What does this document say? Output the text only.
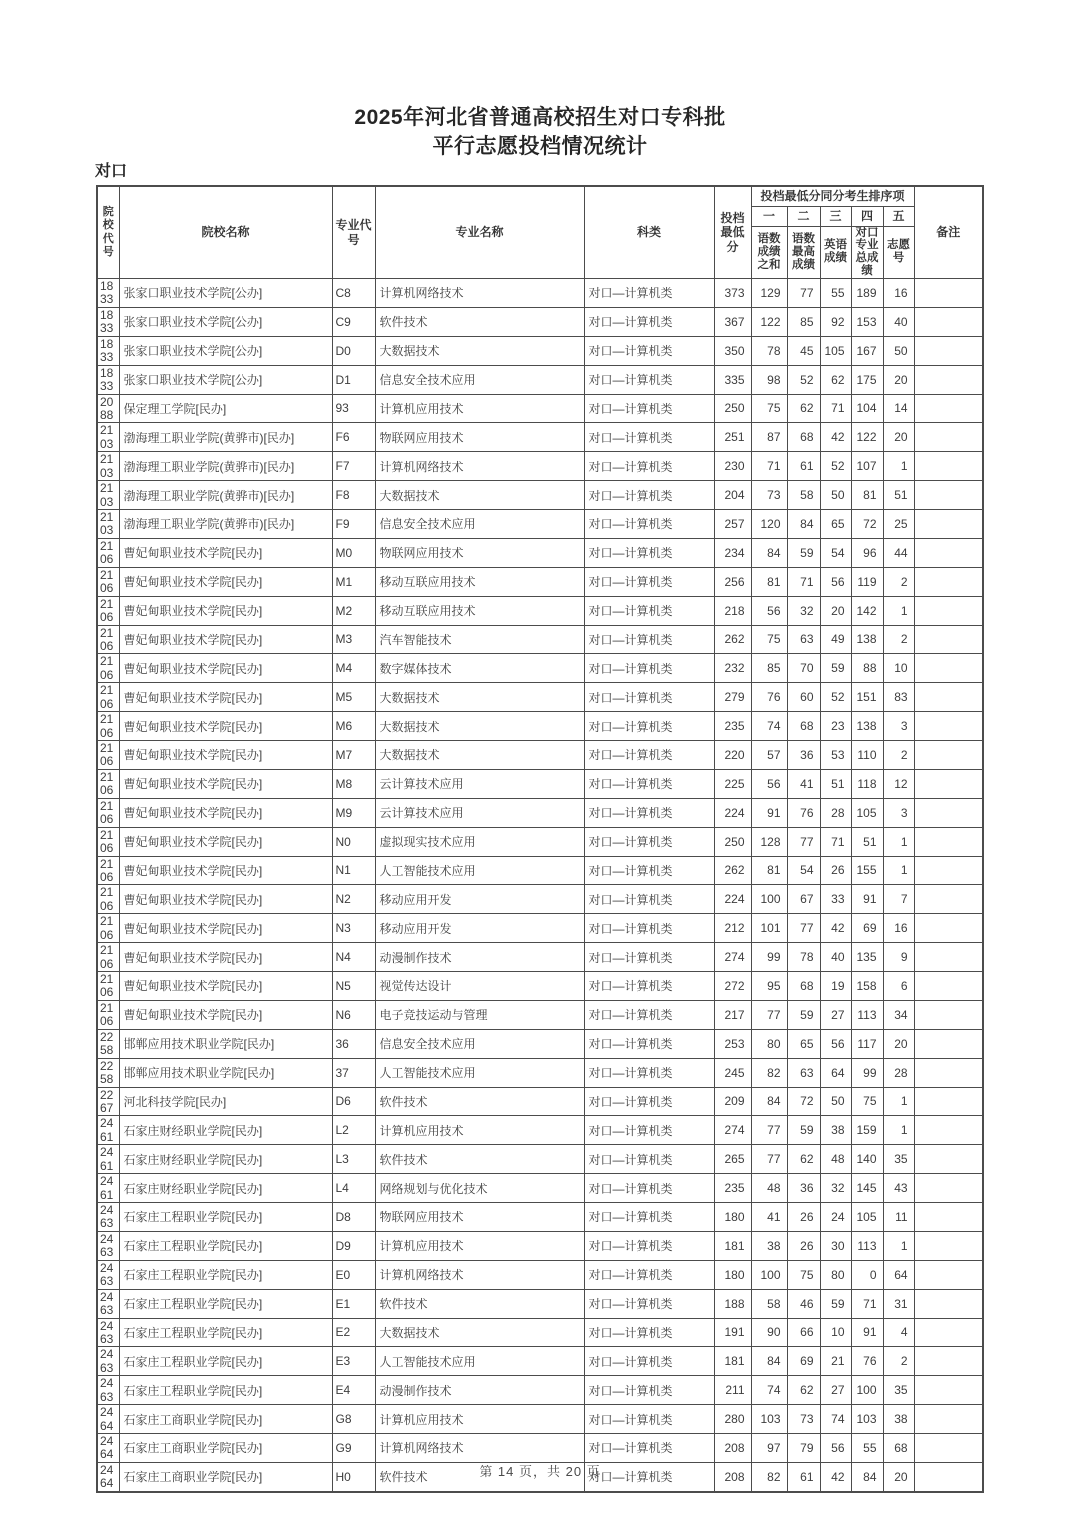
2025年河北省普通高校招生对口专科批
平行志愿投档情况统计
对口
院校代号	院校名称	专业代号	专业名称	科类	投档最低分	投档最低分同分考生排序项					备注
						一	二	三	四	五	
						语数成绩之和	语数最高成绩	英语成绩	对口专业总成绩	志愿号	
1833	张家口职业技术学院[公办]	C8	计算机网络技术	对口—计算机类	373	129	77	55	189	16	
1833	张家口职业技术学院[公办]	C9	软件技术	对口—计算机类	367	122	85	92	153	40	
1833	张家口职业技术学院[公办]	D0	大数据技术	对口—计算机类	350	78	45	105	167	50	
1833	张家口职业技术学院[公办]	D1	信息安全技术应用	对口—计算机类	335	98	52	62	175	20	
2088	保定理工学院[民办]	93	计算机应用技术	对口—计算机类	250	75	62	71	104	14	
2103	渤海理工职业学院(黄骅市)[民办]	F6	物联网应用技术	对口—计算机类	251	87	68	42	122	20	
2103	渤海理工职业学院(黄骅市)[民办]	F7	计算机网络技术	对口—计算机类	230	71	61	52	107	1	
2103	渤海理工职业学院(黄骅市)[民办]	F8	大数据技术	对口—计算机类	204	73	58	50	81	51	
2103	渤海理工职业学院(黄骅市)[民办]	F9	信息安全技术应用	对口—计算机类	257	120	84	65	72	25	
2106	曹妃甸职业技术学院[民办]	M0	物联网应用技术	对口—计算机类	234	84	59	54	96	44	
2106	曹妃甸职业技术学院[民办]	M1	移动互联应用技术	对口—计算机类	256	81	71	56	119	2	
2106	曹妃甸职业技术学院[民办]	M2	移动互联应用技术	对口—计算机类	218	56	32	20	142	1	
2106	曹妃甸职业技术学院[民办]	M3	汽车智能技术	对口—计算机类	262	75	63	49	138	2	
2106	曹妃甸职业技术学院[民办]	M4	数字媒体技术	对口—计算机类	232	85	70	59	88	10	
2106	曹妃甸职业技术学院[民办]	M5	大数据技术	对口—计算机类	279	76	60	52	151	83	
2106	曹妃甸职业技术学院[民办]	M6	大数据技术	对口—计算机类	235	74	68	23	138	3	
2106	曹妃甸职业技术学院[民办]	M7	大数据技术	对口—计算机类	220	57	36	53	110	2	
2106	曹妃甸职业技术学院[民办]	M8	云计算技术应用	对口—计算机类	225	56	41	51	118	12	
2106	曹妃甸职业技术学院[民办]	M9	云计算技术应用	对口—计算机类	224	91	76	28	105	3	
2106	曹妃甸职业技术学院[民办]	N0	虚拟现实技术应用	对口—计算机类	250	128	77	71	51	1	
2106	曹妃甸职业技术学院[民办]	N1	人工智能技术应用	对口—计算机类	262	81	54	26	155	1	
2106	曹妃甸职业技术学院[民办]	N2	移动应用开发	对口—计算机类	224	100	67	33	91	7	
2106	曹妃甸职业技术学院[民办]	N3	移动应用开发	对口—计算机类	212	101	77	42	69	16	
2106	曹妃甸职业技术学院[民办]	N4	动漫制作技术	对口—计算机类	274	99	78	40	135	9	
2106	曹妃甸职业技术学院[民办]	N5	视觉传达设计	对口—计算机类	272	95	68	19	158	6	
2106	曹妃甸职业技术学院[民办]	N6	电子竞技运动与管理	对口—计算机类	217	77	59	27	113	34	
2258	邯郸应用技术职业学院[民办]	36	信息安全技术应用	对口—计算机类	253	80	65	56	117	20	
2258	邯郸应用技术职业学院[民办]	37	人工智能技术应用	对口—计算机类	245	82	63	64	99	28	
2267	河北科技学院[民办]	D6	软件技术	对口—计算机类	209	84	72	50	75	1	
2461	石家庄财经职业学院[民办]	L2	计算机应用技术	对口—计算机类	274	77	59	38	159	1	
2461	石家庄财经职业学院[民办]	L3	软件技术	对口—计算机类	265	77	62	48	140	35	
2461	石家庄财经职业学院[民办]	L4	网络规划与优化技术	对口—计算机类	235	48	36	32	145	43	
2463	石家庄工程职业学院[民办]	D8	物联网应用技术	对口—计算机类	180	41	26	24	105	11	
2463	石家庄工程职业学院[民办]	D9	计算机应用技术	对口—计算机类	181	38	26	30	113	1	
2463	石家庄工程职业学院[民办]	E0	计算机网络技术	对口—计算机类	180	100	75	80	0	64	
2463	石家庄工程职业学院[民办]	E1	软件技术	对口—计算机类	188	58	46	59	71	31	
2463	石家庄工程职业学院[民办]	E2	大数据技术	对口—计算机类	191	90	66	10	91	4	
2463	石家庄工程职业学院[民办]	E3	人工智能技术应用	对口—计算机类	181	84	69	21	76	2	
2463	石家庄工程职业学院[民办]	E4	动漫制作技术	对口—计算机类	211	74	62	27	100	35	
2464	石家庄工商职业学院[民办]	G8	计算机应用技术	对口—计算机类	280	103	73	74	103	38	
2464	石家庄工商职业学院[民办]	G9	计算机网络技术	对口—计算机类	208	97	79	56	55	68	
2464	石家庄工商职业学院[民办]	H0	软件技术	对口—计算机类	208	82	61	42	84	20	
第 14 页，共 20 页
